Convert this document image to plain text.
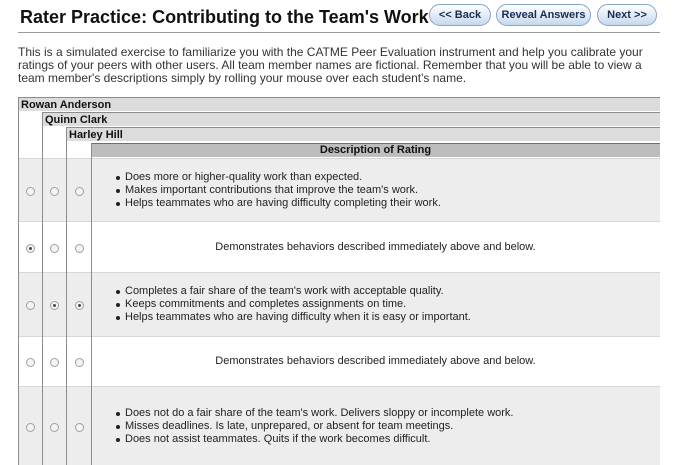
Rater Practice: Contributing to the Team's Work << Back	Reveal Answers	Next >>
This is a simulated exercise to familiarize you with the CATME Peer Evaluation instrument and help you calibrate your ratings of your peers with other users. All team member names are fictional. Remember that you will be able to view a team member's descriptions simply by rolling your mouse over each student's name.
Rowan Anderson
Quinn Clark
Harley Hill
Description of Rating
Does more or higher-quality work than expected.
Makes important contributions that improve the team's work.
Helps teammates who are having difficulty completing their work.
Demonstrates behaviors described immediately above and below.
Completes a fair share of the team's work with acceptable quality.
Keeps commitments and completes assignments on time.
Helps teammates who are having difficulty when it is easy or important.
Demonstrates behaviors described immediately above and below.
Does not do a fair share of the team's work. Delivers sloppy or incomplete work.
Misses deadlines. Is late, unprepared, or absent for team meetings.
Does not assist teammates. Quits if the work becomes difficult.
